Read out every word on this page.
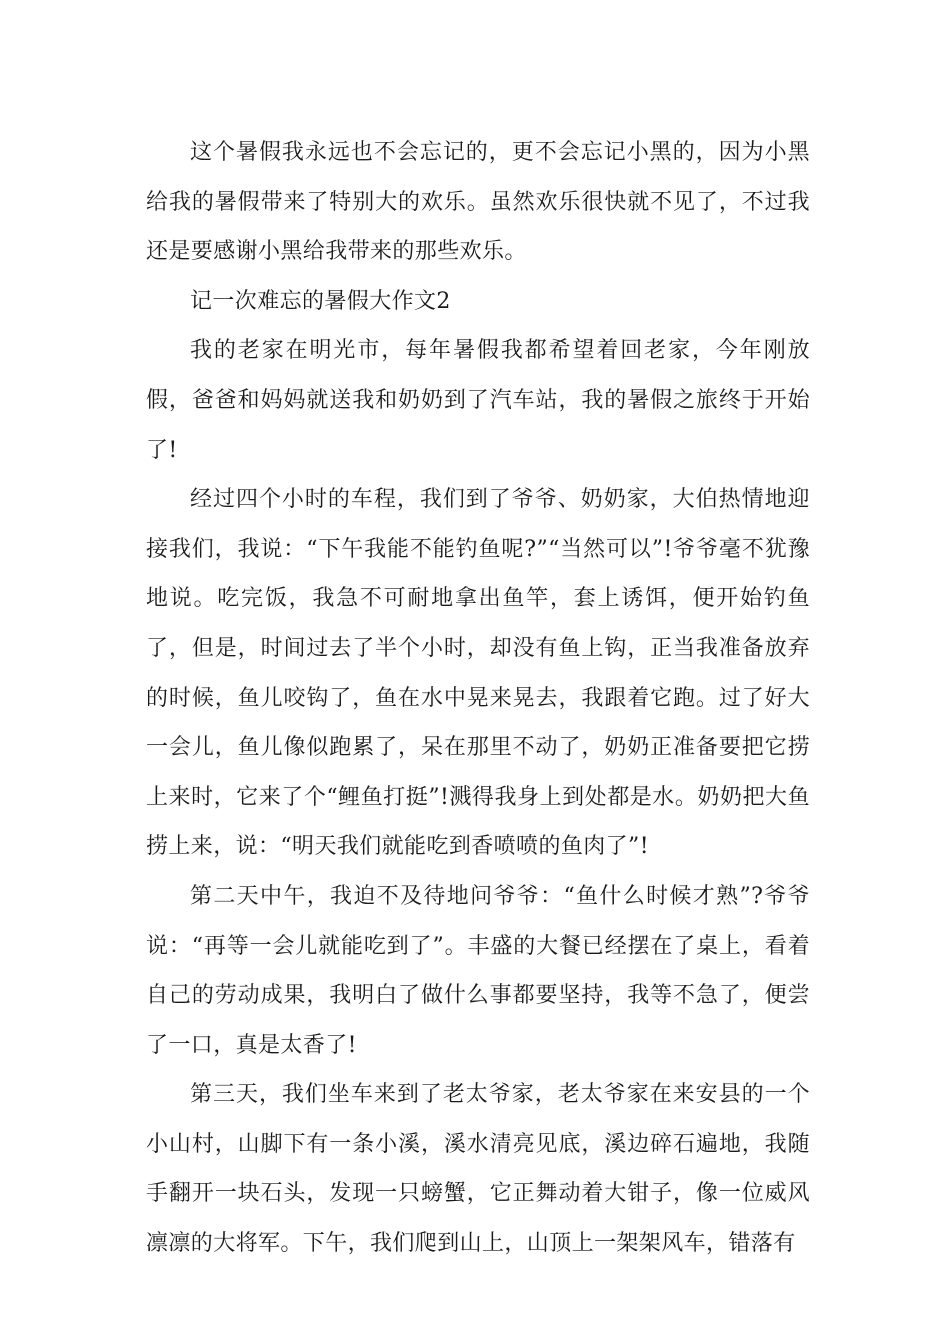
这个暑假我永远也不会忘记的，更不会忘记小黑的，因为小黑给我的暑假带来了特别大的欢乐。虽然欢乐很快就不见了，不过我还是要感谢小黑给我带来的那些欢乐。

记一次难忘的暑假大作文2

我的老家在明光市，每年暑假我都希望着回老家，今年刚放假，爸爸和妈妈就送我和奶奶到了汽车站，我的暑假之旅终于开始了!

经过四个小时的车程，我们到了爷爷、奶奶家，大伯热情地迎接我们，我说：“下午我能不能钓鱼呢?”“当然可以”!爷爷毫不犹豫地说。吃完饭，我急不可耐地拿出鱼竿，套上诱饵，便开始钓鱼了，但是，时间过去了半个小时，却没有鱼上钩，正当我准备放弃的时候，鱼儿咬钩了，鱼在水中晃来晃去，我跟着它跑。过了好大一会儿，鱼儿像似跑累了，呆在那里不动了，奶奶正准备要把它捞上来时，它来了个“鲤鱼打挺”!溅得我身上到处都是水。奶奶把大鱼捞上来，说：“明天我们就能吃到香喷喷的鱼肉了”!

第二天中午，我迫不及待地问爷爷：“鱼什么时候才熟”?爷爷说：“再等一会儿就能吃到了”。丰盛的大餐已经摆在了桌上，看着自己的劳动成果，我明白了做什么事都要坚持，我等不急了，便尝了一口，真是太香了!

第三天，我们坐车来到了老太爷家，老太爷家在来安县的一个小山村，山脚下有一条小溪，溪水清亮见底，溪边碎石遍地，我随手翻开一块石头，发现一只螃蟹，它正舞动着大钳子，像一位威风凛凛的大将军。下午，我们爬到山上，山顶上一架架风车，错落有
